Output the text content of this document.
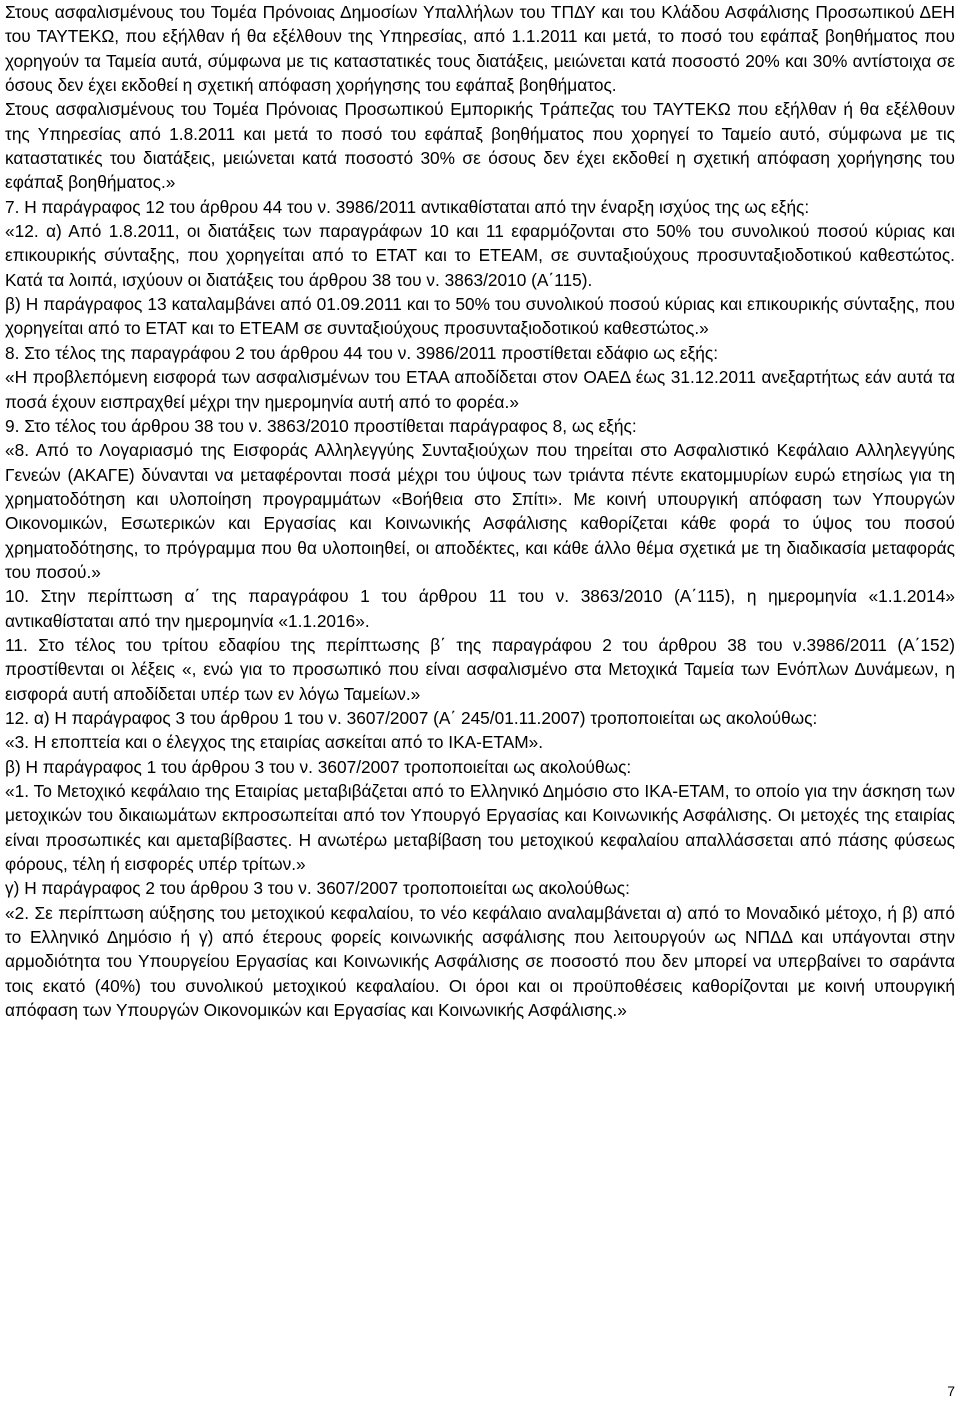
Στους ασφαλισμένους του Τομέα Πρόνοιας Δημοσίων Υπαλλήλων του ΤΠΔΥ και του Κλάδου Ασφάλισης Προσωπικού ΔΕΗ του ΤΑΥΤΕΚΩ, που εξήλθαν ή θα εξέλθουν της Υπηρεσίας, από 1.1.2011 και μετά, το ποσό του εφάπαξ βοηθήματος που χορηγούν τα Ταμεία αυτά, σύμφωνα με τις καταστατικές τους διατάξεις, μειώνεται κατά ποσοστό 20% και 30% αντίστοιχα σε όσους δεν έχει εκδοθεί η σχετική απόφαση χορήγησης του εφάπαξ βοηθήματος.

Στους ασφαλισμένους του Τομέα Πρόνοιας Προσωπικού Εμπορικής Τράπεζας του ΤΑΥΤΕΚΩ που εξήλθαν ή θα εξέλθουν της Υπηρεσίας από 1.8.2011 και μετά το ποσό του εφάπαξ βοηθήματος που χορηγεί το Ταμείο αυτό, σύμφωνα με τις καταστατικές του διατάξεις, μειώνεται κατά ποσοστό 30% σε όσους δεν έχει εκδοθεί η σχετική απόφαση χορήγησης του εφάπαξ βοηθήματος.»

7. Η παράγραφος 12 του άρθρου 44 του ν. 3986/2011 αντικαθίσταται από την έναρξη ισχύος της ως εξής:

«12. α) Από 1.8.2011, οι διατάξεις των παραγράφων 10 και 11 εφαρμόζονται στο 50% του συνολικού ποσού κύριας και επικουρικής σύνταξης, που χορηγείται από το ΕΤΑΤ και το ΕΤΕΑΜ, σε συνταξιούχους προσυνταξιοδοτικού καθεστώτος. Κατά τα λοιπά, ισχύουν οι διατάξεις του άρθρου 38 του ν. 3863/2010 (Α΄115).

β) Η παράγραφος 13 καταλαμβάνει από 01.09.2011 και το 50% του συνολικού ποσού κύριας και επικουρικής σύνταξης, που χορηγείται από το ΕΤΑΤ και το ΕΤΕΑΜ σε συνταξιούχους προσυνταξιοδοτικού καθεστώτος.»

8. Στο τέλος της παραγράφου 2 του άρθρου 44 του ν. 3986/2011 προστίθεται εδάφιο ως εξής:

«Η προβλεπόμενη εισφορά των ασφαλισμένων του ΕΤΑΑ αποδίδεται στον ΟΑΕΔ έως 31.12.2011 ανεξαρτήτως εάν αυτά τα ποσά έχουν εισπραχθεί μέχρι την ημερομηνία αυτή από το φορέα.»

9. Στο τέλος του άρθρου 38 του ν. 3863/2010 προστίθεται παράγραφος 8, ως εξής:

«8. Από το Λογαριασμό της Εισφοράς Αλληλεγγύης Συνταξιούχων που τηρείται στο Ασφαλιστικό Κεφάλαιο Αλληλεγγύης Γενεών (ΑΚΑΓΕ) δύνανται να μεταφέρονται ποσά μέχρι του ύψους των τριάντα πέντε εκατομμυρίων ευρώ ετησίως για τη χρηματοδότηση και υλοποίηση προγραμμάτων «Βοήθεια στο Σπίτι». Με κοινή υπουργική απόφαση των Υπουργών Οικονομικών, Εσωτερικών και Εργασίας και Κοινωνικής Ασφάλισης καθορίζεται κάθε φορά το ύψος του ποσού χρηματοδότησης, το πρόγραμμα που θα υλοποιηθεί, οι αποδέκτες, και κάθε άλλο θέμα σχετικά με τη διαδικασία μεταφοράς του ποσού.»

10. Στην περίπτωση α΄ της παραγράφου 1 του άρθρου 11 του ν. 3863/2010 (Α΄115), η ημερομηνία «1.1.2014» αντικαθίσταται από την ημερομηνία «1.1.2016».

11. Στο τέλος του τρίτου εδαφίου της περίπτωσης β΄ της παραγράφου 2 του άρθρου 38 του ν.3986/2011 (Α΄152) προστίθενται οι λέξεις «, ενώ για το προσωπικό που είναι ασφαλισμένο στα Μετοχικά Ταμεία των Ενόπλων Δυνάμεων, η εισφορά αυτή αποδίδεται υπέρ των εν λόγω Ταμείων.»

12. α) Η παράγραφος 3 του άρθρου 1 του ν. 3607/2007 (Α΄ 245/01.11.2007) τροποποιείται ως ακολούθως:

«3. Η εποπτεία και ο έλεγχος της εταιρίας ασκείται από το ΙΚΑ-ΕΤΑΜ».

β) Η παράγραφος 1 του άρθρου 3 του ν. 3607/2007 τροποποιείται ως ακολούθως:

«1. Το Μετοχικό κεφάλαιο της Εταιρίας μεταβιβάζεται από το Ελληνικό Δημόσιο στο ΙΚΑ-ΕΤΑΜ, το οποίο για την άσκηση των μετοχικών του δικαιωμάτων εκπροσωπείται από τον Υπουργό Εργασίας και Κοινωνικής Ασφάλισης. Οι μετοχές της εταιρίας είναι προσωπικές και αμεταβίβαστες. Η ανωτέρω μεταβίβαση του μετοχικού κεφαλαίου απαλλάσσεται από πάσης φύσεως φόρους, τέλη ή εισφορές υπέρ τρίτων.»

γ) Η παράγραφος 2 του άρθρου 3 του ν. 3607/2007 τροποποιείται ως ακολούθως:

«2. Σε περίπτωση αύξησης του μετοχικού κεφαλαίου, το νέο κεφάλαιο αναλαμβάνεται α) από το Μοναδικό μέτοχο, ή β) από το Ελληνικό Δημόσιο ή γ) από έτερους φορείς κοινωνικής ασφάλισης που λειτουργούν ως ΝΠΔΔ και υπάγονται στην αρμοδιότητα του Υπουργείου Εργασίας και Κοινωνικής Ασφάλισης σε ποσοστό που δεν μπορεί να υπερβαίνει το σαράντα τοις εκατό (40%) του συνολικού μετοχικού κεφαλαίου. Οι όροι και οι προϋποθέσεις καθορίζονται με κοινή υπουργική απόφαση των Υπουργών Οικονομικών και Εργασίας και Κοινωνικής Ασφάλισης.»

7
